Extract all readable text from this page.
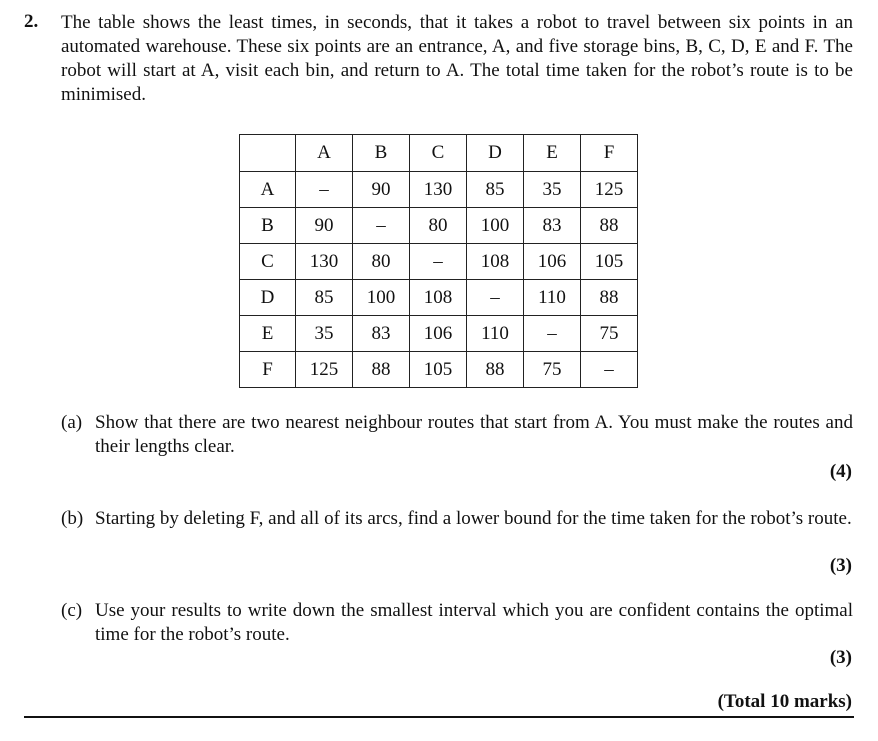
2. The table shows the least times, in seconds, that it takes a robot to travel between six points in an automated warehouse. These six points are an entrance, A, and five storage bins, B, C, D, E and F. The robot will start at A, visit each bin, and return to A. The total time taken for the robot’s route is to be minimised.
	A	B	C	D	E	F
A	–	90	130	85	35	125
B	90	–	80	100	83	88
C	130	80	–	108	106	105
D	85	100	108	–	110	88
E	35	83	106	110	–	75
F	125	88	105	88	75	–
(a) Show that there are two nearest neighbour routes that start from A. You must make the routes and their lengths clear.
(4)
(b) Starting by deleting F, and all of its arcs, find a lower bound for the time taken for the robot’s route.
(3)
(c) Use your results to write down the smallest interval which you are confident contains the optimal time for the robot’s route.
(3)
(Total 10 marks)
